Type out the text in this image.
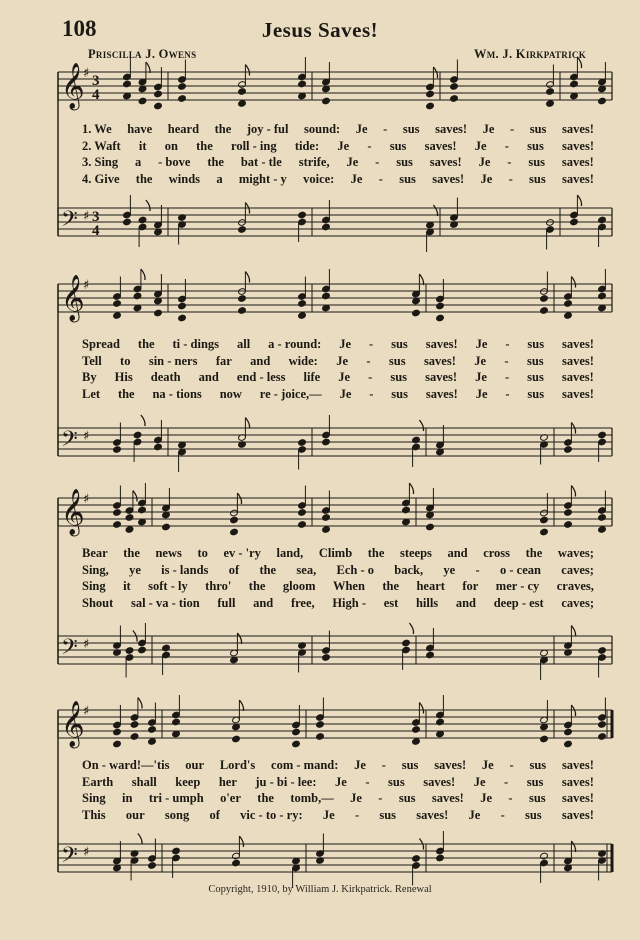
108	Jesus Saves!
Priscilla J. Owens	Wm. J. Kirkpatrick
𝄞
♯ 3
4
𝄢 ♯ 3
4
1. We have heard the joy - ful sound: Je - sus saves! Je - sus saves!
2. Waft it on the roll - ing tide: Je - sus saves! Je - sus saves!
3. Sing a - bove the bat - tle strife, Je - sus saves! Je - sus saves!
4. Give the winds a might - y voice: Je - sus saves! Je - sus saves!
𝄞
♯
𝄢 ♯
Spread the ti - dings all a - round: Je - sus saves! Je - sus saves!
Tell to sin - ners far and wide: Je - sus saves! Je - sus saves!
By His death and end - less life Je - sus saves! Je - sus saves!
Let the na - tions now re - joice,— Je - sus saves! Je - sus saves!
𝄞
♯
𝄢 ♯
Bear the news to ev - 'ry land, Climb the steeps and cross the waves;
Sing, ye is - lands of the sea, Ech - o back, ye - o - cean caves;
Sing it soft - ly thro' the gloom When the heart for mer - cy craves,
Shout sal - va - tion full and free, High - est hills and deep - est caves;
𝄞
♯
𝄢 ♯
On - ward!—'tis our Lord's com - mand: Je - sus saves! Je - sus saves!
Earth shall keep her ju - bi - lee: Je - sus saves! Je - sus saves!
Sing in tri - umph o'er the tomb,— Je - sus saves! Je - sus saves!
This our song of vic - to - ry: Je - sus saves! Je - sus saves!
Copyright, 1910, by William J. Kirkpatrick. Renewal
